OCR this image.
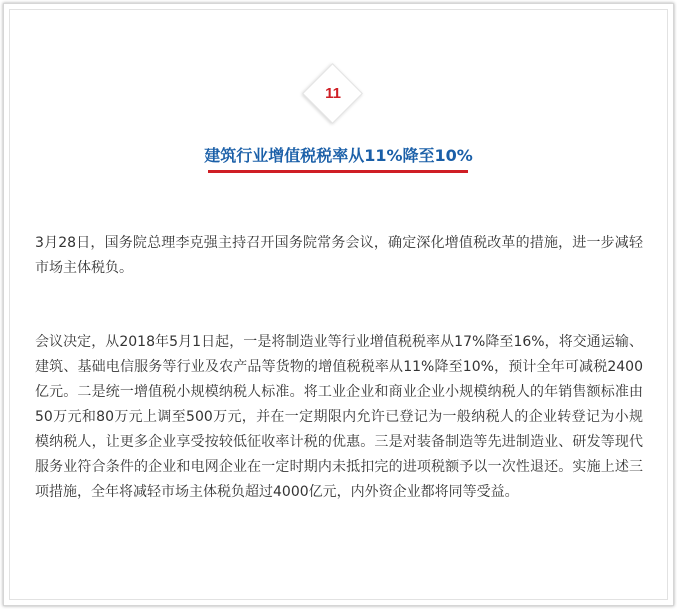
11
建筑行业增值税税率从11%降至10%

3月28日，国务院总理李克强主持召开国务院常务会议，确定深化增值税改革的措施，进一步减轻市场主体税负。

会议决定，从2018年5月1日起，一是将制造业等行业增值税税率从17%降至16%，将交通运输、建筑、基础电信服务等行业及农产品等货物的增值税税率从11%降至10%，预计全年可减税2400亿元。二是统一增值税小规模纳税人标准。将工业企业和商业企业小规模纳税人的年销售额标准由50万元和80万元上调至500万元，并在一定期限内允许已登记为一般纳税人的企业转登记为小规模纳税人，让更多企业享受按较低征收率计税的优惠。三是对装备制造等先进制造业、研发等现代服务业符合条件的企业和电网企业在一定时期内未抵扣完的进项税额予以一次性退还。实施上述三项措施，全年将减轻市场主体税负超过4000亿元，内外资企业都将同等受益。
